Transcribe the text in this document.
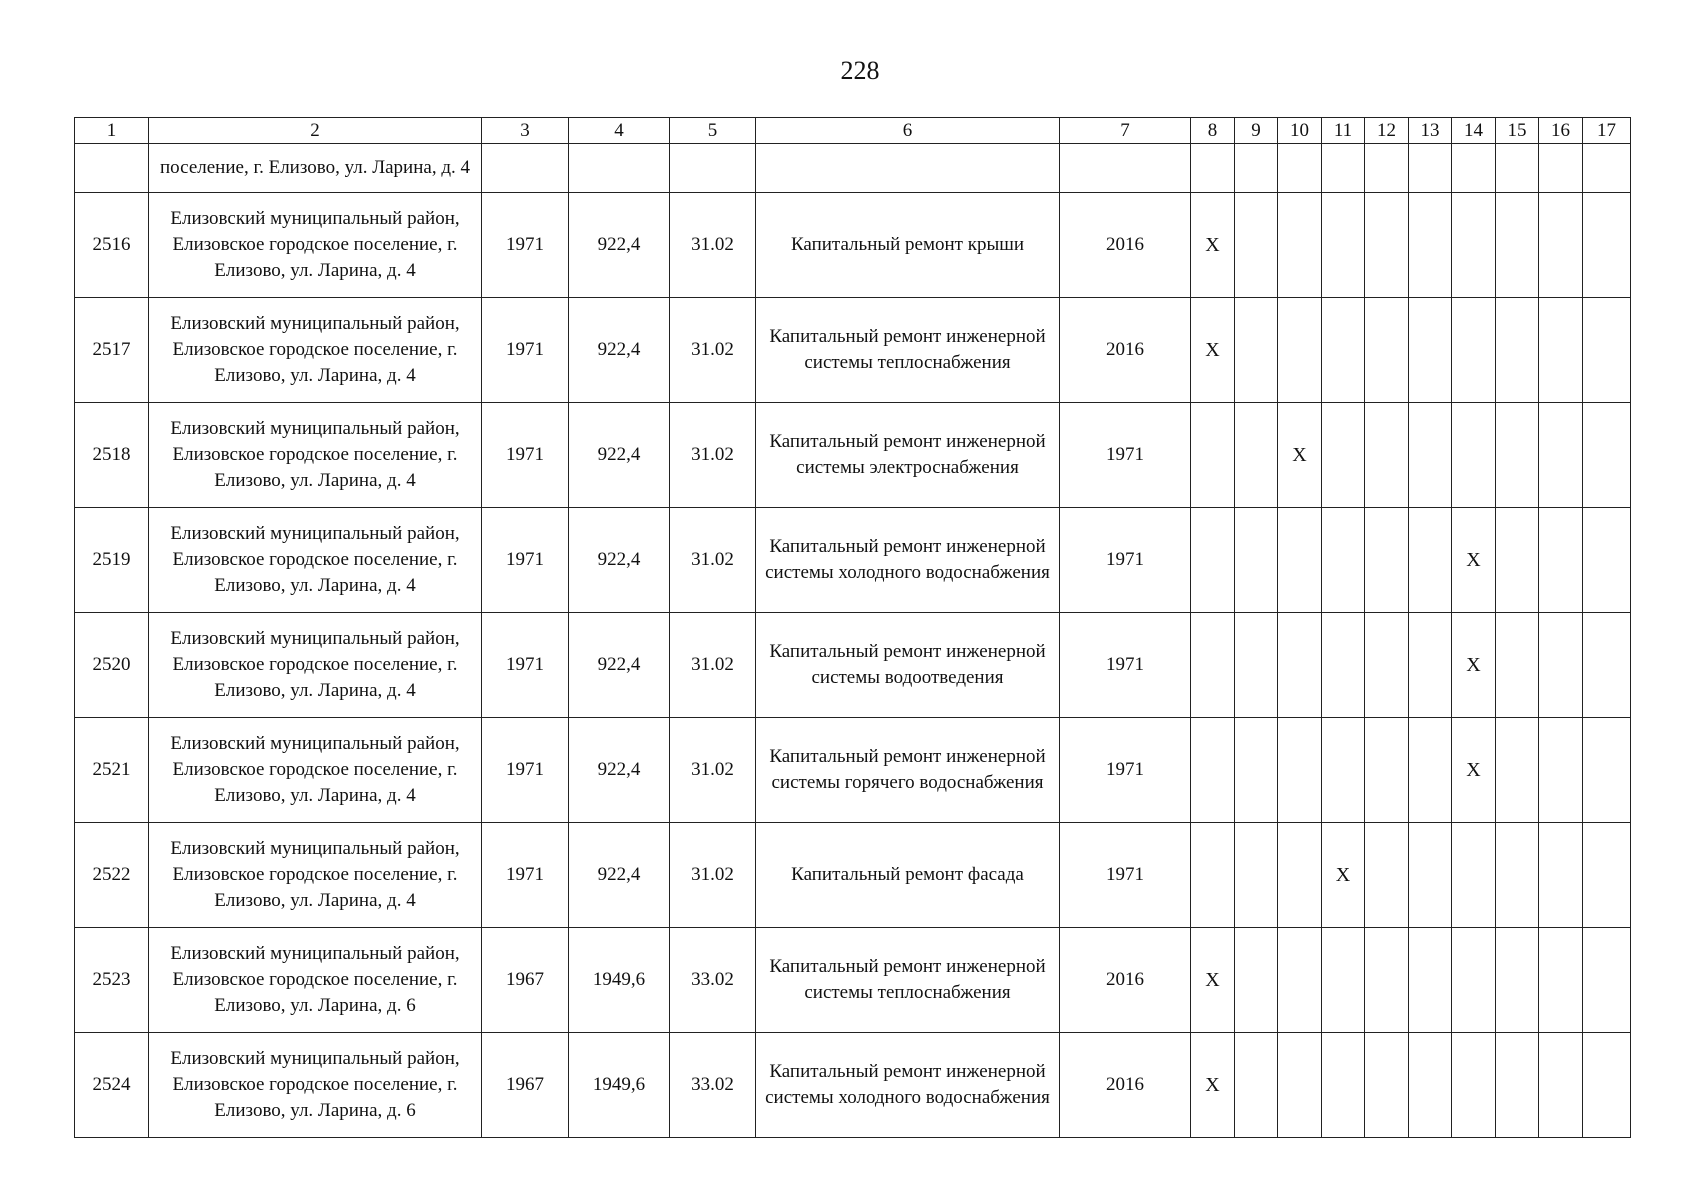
228
1	2	3	4	5	6	7	8	9	10	11	12	13	14	15	16	17
	поселение, г. Елизово, ул. Ларина, д. 4															
2516	Елизовский муниципальный район, Елизовское городское поселение, г. Елизово, ул. Ларина, д. 4	1971	922,4	31.02	Капитальный ремонт крыши	2016	X									
2517	Елизовский муниципальный район, Елизовское городское поселение, г. Елизово, ул. Ларина, д. 4	1971	922,4	31.02	Капитальный ремонт инженерной системы теплоснабжения	2016	X									
2518	Елизовский муниципальный район, Елизовское городское поселение, г. Елизово, ул. Ларина, д. 4	1971	922,4	31.02	Капитальный ремонт инженерной системы электроснабжения	1971			X							
2519	Елизовский муниципальный район, Елизовское городское поселение, г. Елизово, ул. Ларина, д. 4	1971	922,4	31.02	Капитальный ремонт инженерной системы холодного водоснабжения	1971							X			
2520	Елизовский муниципальный район, Елизовское городское поселение, г. Елизово, ул. Ларина, д. 4	1971	922,4	31.02	Капитальный ремонт инженерной системы водоотведения	1971							X			
2521	Елизовский муниципальный район, Елизовское городское поселение, г. Елизово, ул. Ларина, д. 4	1971	922,4	31.02	Капитальный ремонт инженерной системы горячего водоснабжения	1971							X			
2522	Елизовский муниципальный район, Елизовское городское поселение, г. Елизово, ул. Ларина, д. 4	1971	922,4	31.02	Капитальный ремонт фасада	1971				X						
2523	Елизовский муниципальный район, Елизовское городское поселение, г. Елизово, ул. Ларина, д. 6	1967	1949,6	33.02	Капитальный ремонт инженерной системы теплоснабжения	2016	X									
2524	Елизовский муниципальный район, Елизовское городское поселение, г. Елизово, ул. Ларина, д. 6	1967	1949,6	33.02	Капитальный ремонт инженерной системы холодного водоснабжения	2016	X									
